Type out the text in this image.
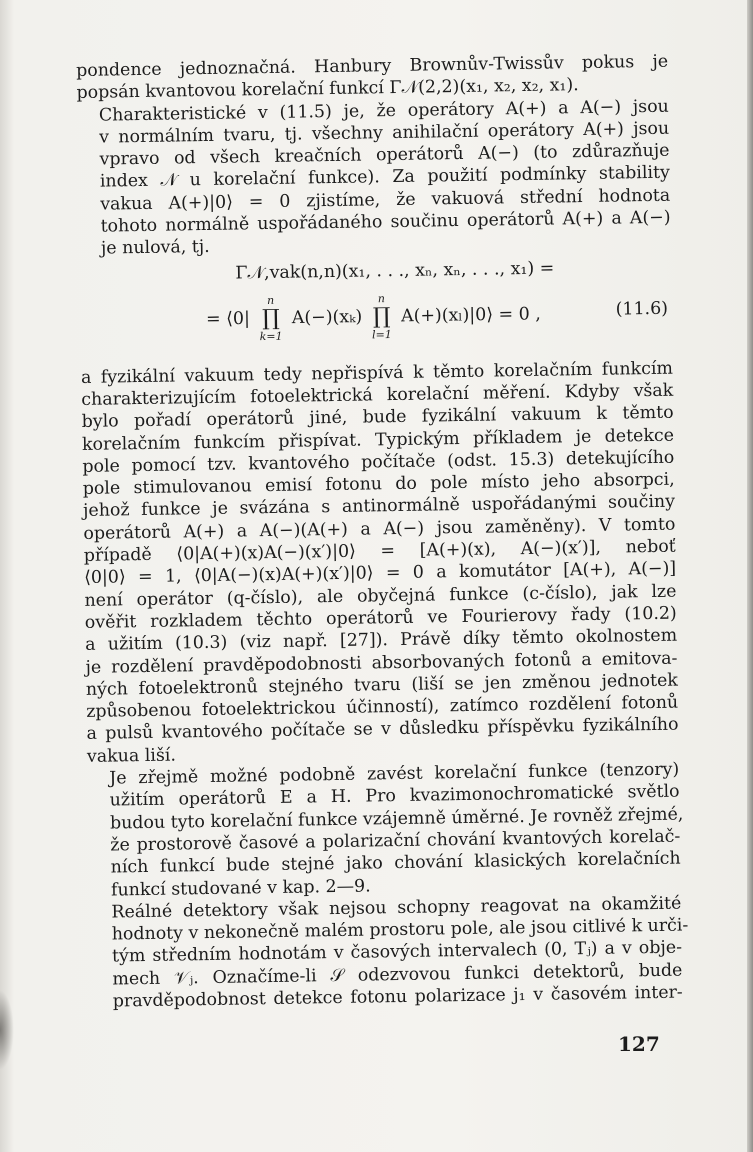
pondence jednoznačná. Hanbury Brownův-Twissův pokus je
popsán kvantovou korelační funkcí Γ𝒩(2,2)(x₁, x₂, x₂, x₁).

Charakteristické v (11.5) je, že operátory A(+) a A(−) jsou
v normálním tvaru, tj. všechny anihilační operátory A(+) jsou
vpravo od všech kreačních operátorů A(−) (to zdůrazňuje
index 𝒩 u korelační funkce). Za použití podmínky stability
vakua A(+)|0⟩ = 0 zjistíme, že vakuová střední hodnota
tohoto normálně uspořádaného součinu operátorů A(+) a A(−)
je nulová, tj.

Γ𝒩,vak(n,n)(x₁, . . ., xₙ, xₙ, . . ., x₁) =
= ⟨0|
n
∏
k=1
A(−)(xₖ)
n
∏
l=1
A(+)(xₗ)|0⟩ = 0 ,	(11.6)

a fyzikální vakuum tedy nepřispívá k těmto korelačním funkcím
charakterizujícím fotoelektrická korelační měření. Kdyby však
bylo pořadí operátorů jiné, bude fyzikální vakuum k těmto
korelačním funkcím přispívat. Typickým příkladem je detekce
pole pomocí tzv. kvantového počítače (odst. 15.3) detekujícího
pole stimulovanou emisí fotonu do pole místo jeho absorpci,
jehož funkce je svázána s antinormálně uspořádanými součiny
operátorů A(+) a A(−)(A(+) a A(−) jsou zaměněny). V tomto
případě ⟨0|A(+)(x)A(−)(x′)|0⟩ = [A(+)(x), A(−)(x′)], neboť
⟨0|0⟩ = 1, ⟨0|A(−)(x)A(+)(x′)|0⟩ = 0 a komutátor [A(+), A(−)]
není operátor (q-číslo), ale obyčejná funkce (c-číslo), jak lze
ověřit rozkladem těchto operátorů ve Fourierovy řady (10.2)
a užitím (10.3) (viz např. [27]). Právě díky těmto okolnostem
je rozdělení pravděpodobnosti absorbovaných fotonů a emitova-
ných fotoelektronů stejného tvaru (liší se jen změnou jednotek
způsobenou fotoelektrickou účinností), zatímco rozdělení fotonů
a pulsů kvantového počítače se v důsledku příspěvku fyzikálního
vakua liší.

Je zřejmě možné podobně zavést korelační funkce (tenzory)
užitím operátorů E a H. Pro kvazimonochromatické světlo
budou tyto korelační funkce vzájemně úměrné. Je rovněž zřejmé,
že prostorově časové a polarizační chování kvantových korelač-
ních funkcí bude stejné jako chování klasických korelačních
funkcí studované v kap. 2—9.

Reálné detektory však nejsou schopny reagovat na okamžité
hodnoty v nekonečně malém prostoru pole, ale jsou citlivé k urči-
tým středním hodnotám v časových intervalech (0, Tⱼ) a v obje-
mech 𝒱ⱼ. Označíme-li 𝒮 odezvovou funkci detektorů, bude
pravděpodobnost detekce fotonu polarizace j₁ v časovém inter-

127
